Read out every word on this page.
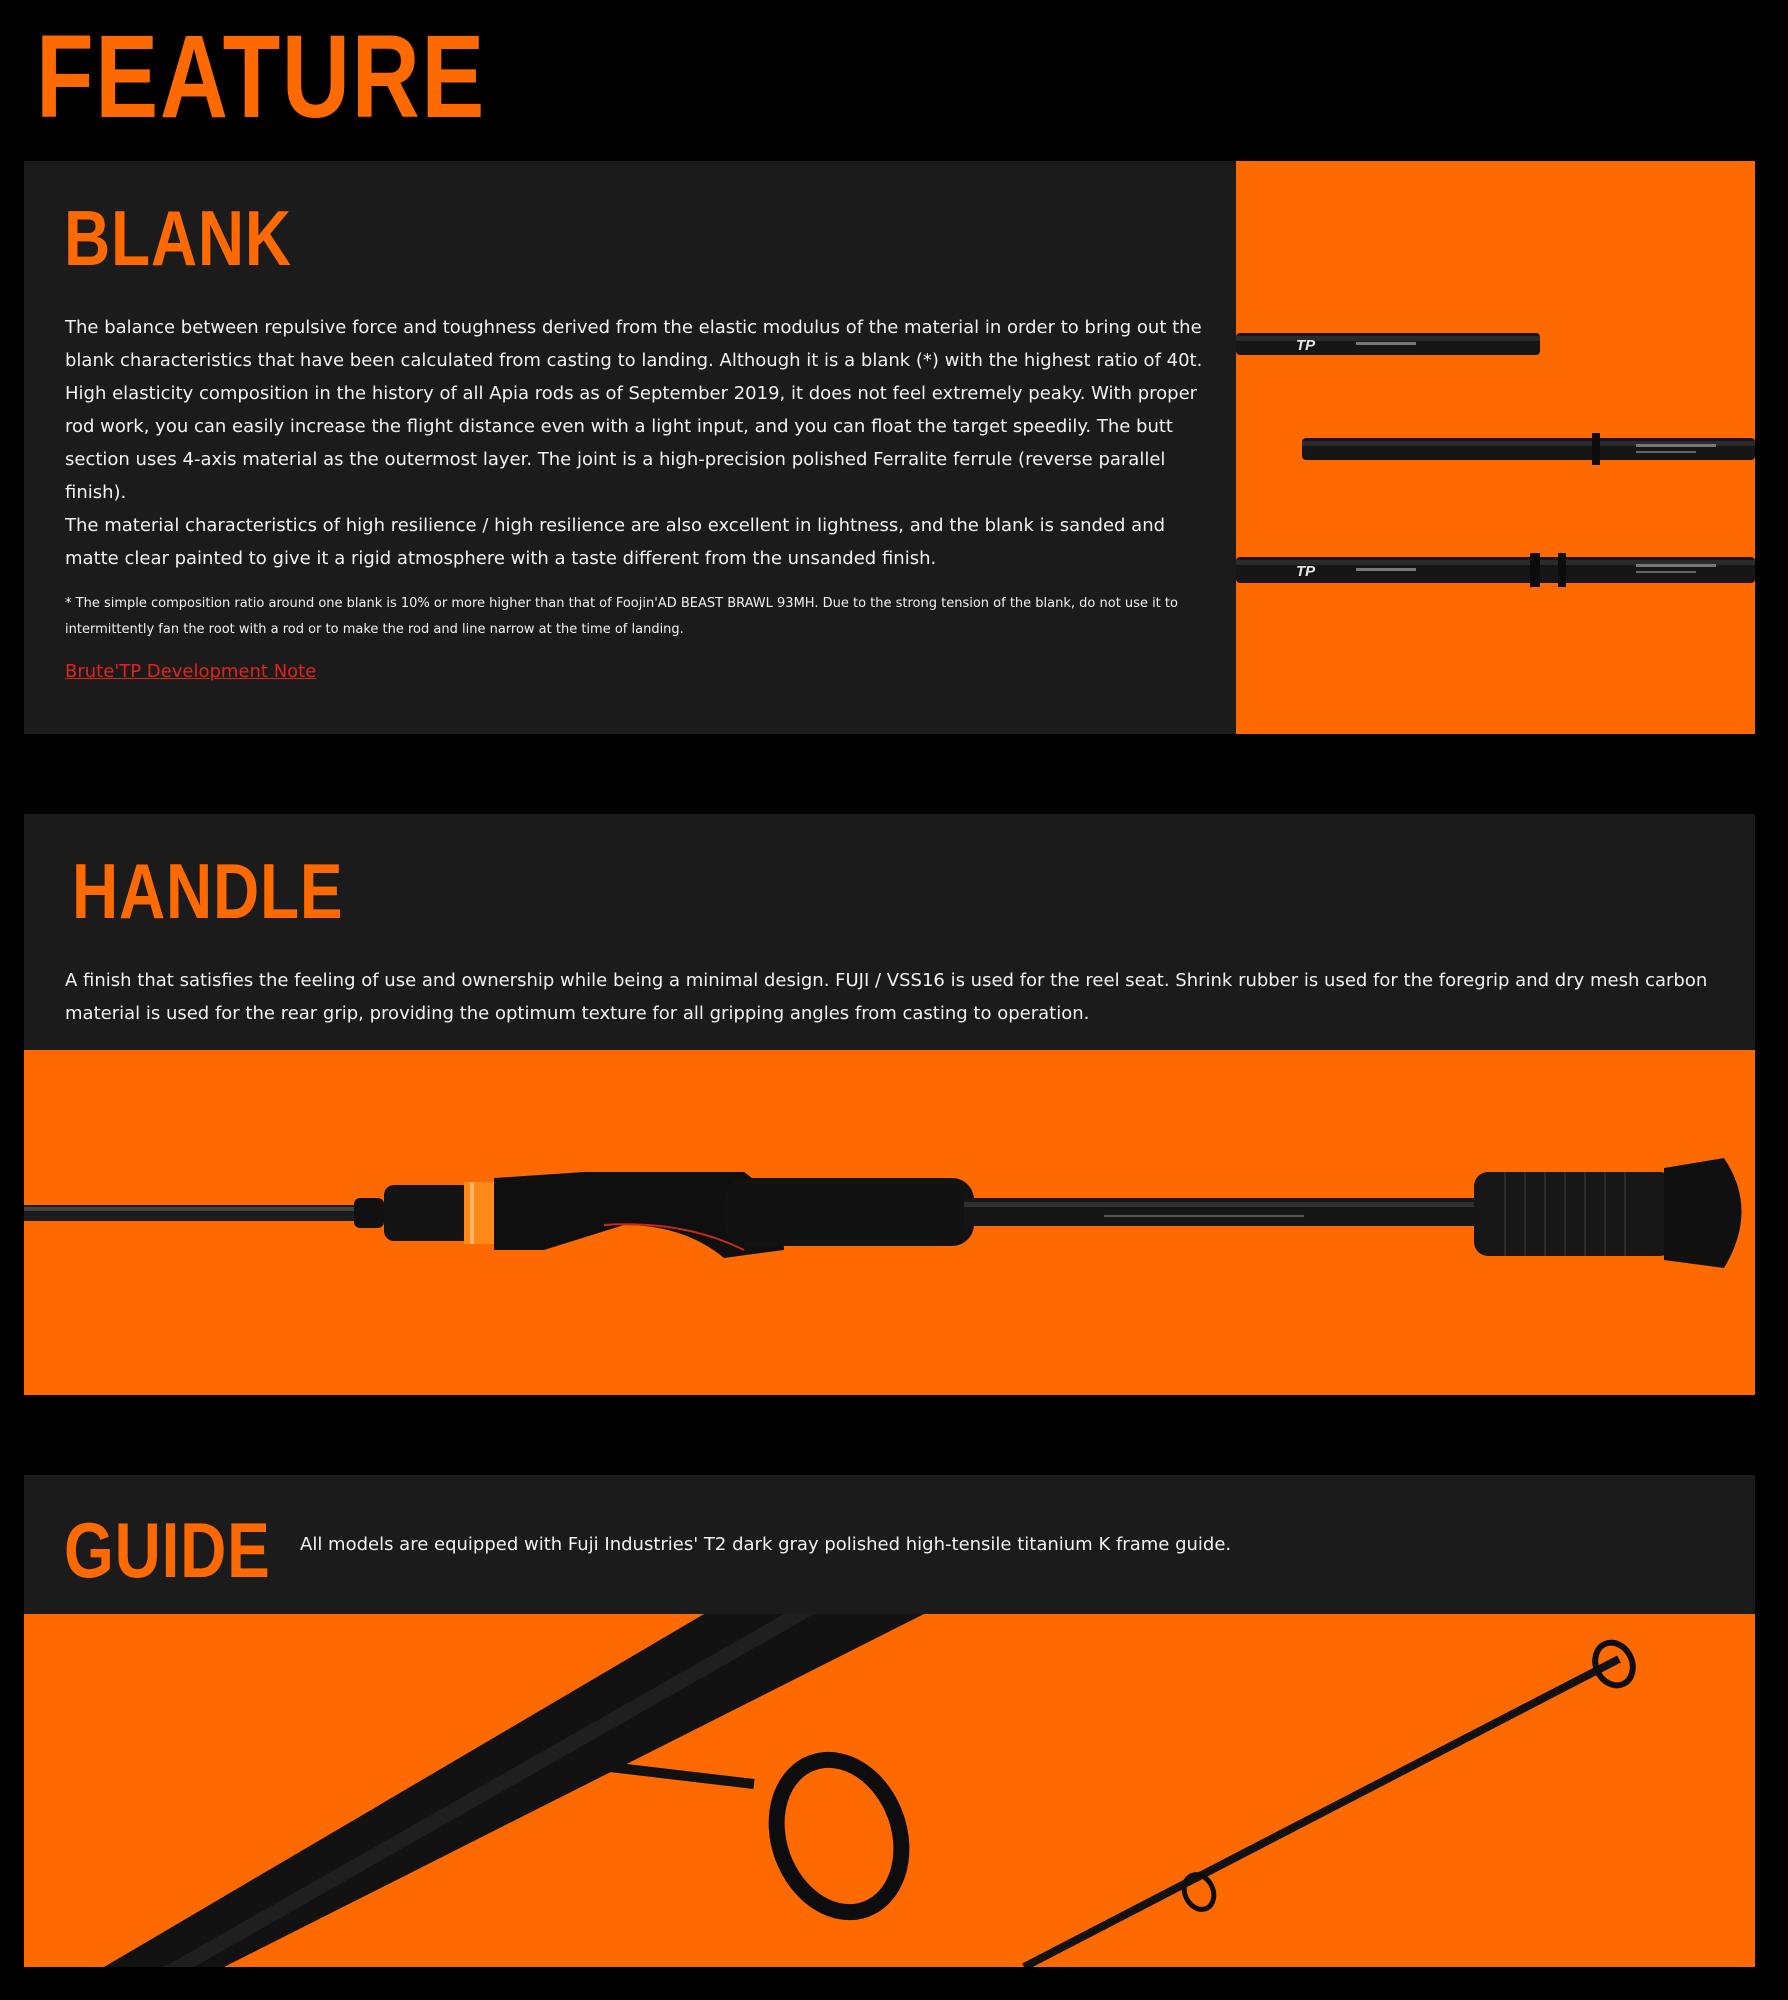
FEATURE
BLANK

The balance between repulsive force and toughness derived from the elastic modulus of the material in order to bring out the blank characteristics that have been calculated from casting to landing. Although it is a blank (*) with the highest ratio of 40t. High elasticity composition in the history of all Apia rods as of September 2019, it does not feel extremely peaky. With proper rod work, you can easily increase the flight distance even with a light input, and you can float the target speedily. The butt section uses 4-axis material as the outermost layer. The joint is a high-precision polished Ferralite ferrule (reverse parallel finish).

The material characteristics of high resilience / high resilience are also excellent in lightness, and the blank is sanded and matte clear painted to give it a rigid atmosphere with a taste different from the unsanded finish.

* The simple composition ratio around one blank is 10% or more higher than that of Foojin'AD BEAST BRAWL 93MH. Due to the strong tension of the blank, do not use it to intermittently fan the root with a rod or to make the rod and line narrow at the time of landing.

Brute'TP Development Note
TP
TP
HANDLE

A finish that satisfies the feeling of use and ownership while being a minimal design. FUJI / VSS16 is used for the reel seat. Shrink rubber is used for the foregrip and dry mesh carbon material is used for the rear grip, providing the optimum texture for all gripping angles from casting to operation.

GUIDE All models are equipped with Fuji Industries' T2 dark gray polished high-tensile titanium K frame guide.
